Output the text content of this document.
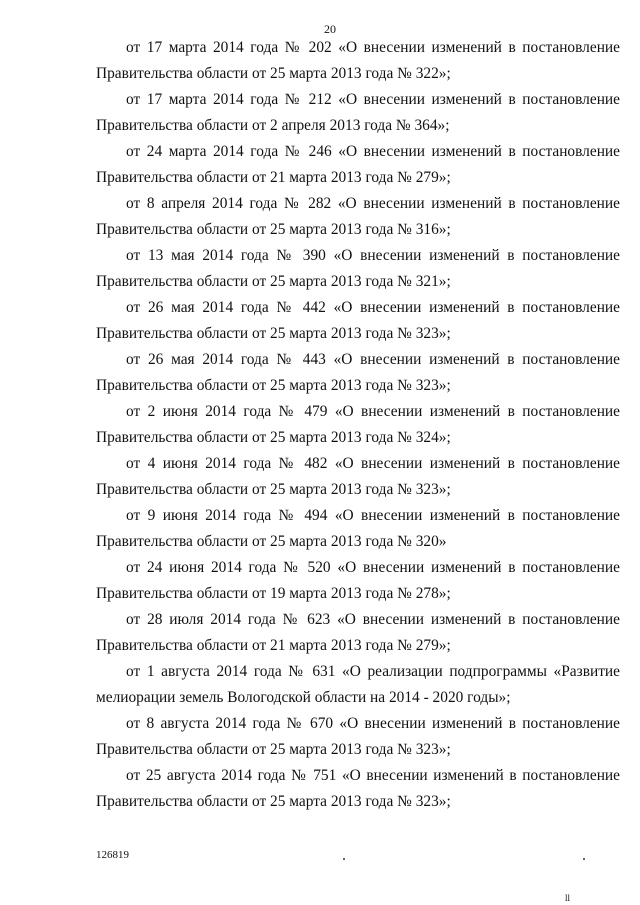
20

от 17 марта 2014 года № 202 «О внесении изменений в постановление Правительства области от 25 марта 2013 года № 322»;

от 17 марта 2014 года № 212 «О внесении изменений в постановление Правительства области от 2 апреля 2013 года № 364»;

от 24 марта 2014 года № 246 «О внесении изменений в постановление Правительства области от 21 марта 2013 года № 279»;

от 8 апреля 2014 года № 282 «О внесении изменений в постановление Правительства области от 25 марта 2013 года № 316»;

от 13 мая 2014 года № 390 «О внесении изменений в постановление Правительства области от 25 марта 2013 года № 321»;

от 26 мая 2014 года № 442 «О внесении изменений в постановление Правительства области от 25 марта 2013 года № 323»;

от 26 мая 2014 года № 443 «О внесении изменений в постановление Правительства области от 25 марта 2013 года № 323»;

от 2 июня 2014 года № 479 «О внесении изменений в постановление Правительства области от 25 марта 2013 года № 324»;

от 4 июня 2014 года № 482 «О внесении изменений в постановление Правительства области от 25 марта 2013 года № 323»;

от 9 июня 2014 года № 494 «О внесении изменений в постановление Правительства области от 25 марта 2013 года № 320»

от 24 июня 2014 года № 520 «О внесении изменений в постановление Правительства области от 19 марта 2013 года № 278»;

от 28 июля 2014 года № 623 «О внесении изменений в постановление Правительства области от 21 марта 2013 года № 279»;

от 1 августа 2014 года № 631 «О реализации подпрограммы «Развитие мелиорации земель Вологодской области на 2014 - 2020 годы»;

от 8 августа 2014 года № 670 «О внесении изменений в постановление Правительства области от 25 марта 2013 года № 323»;

от 25 августа 2014 года № 751 «О внесении изменений в постановление Правительства области от 25 марта 2013 года № 323»;

126819
ll
